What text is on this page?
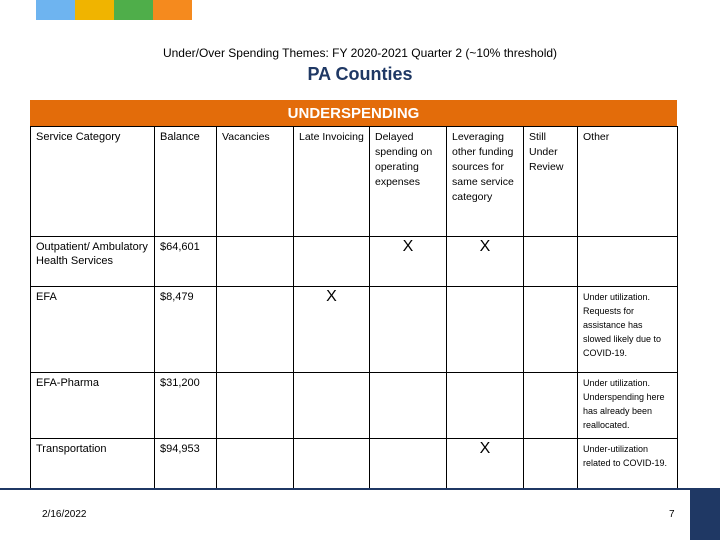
Under/Over Spending Themes: FY 2020-2021 Quarter 2 (~10% threshold)
PA Counties
UNDERSPENDING
Service Category	Balance	Vacancies	Late Invoicing	Delayed spending on operating expenses	Leveraging other funding sources for same service category	Still Under Review	Other
Outpatient/ Ambulatory Health Services	$64,601			X	X		

EFA	$8,479		X				Under utilization. Requests for assistance has slowed likely due to COVID-19.
EFA-Pharma	$31,200						Under utilization. Underspending here has already been reallocated.
Transportation	$94,953				X		Under-utilization related to COVID-19.
2/16/2022	7
